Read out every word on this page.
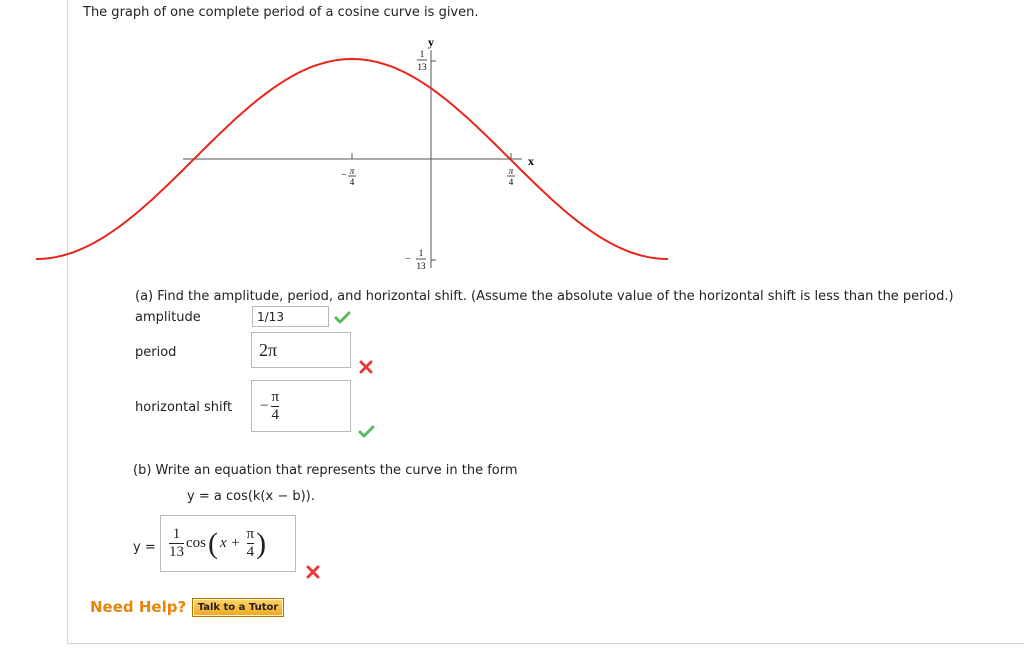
The graph of one complete period of a cosine curve is given.
y
x
1
13
−
1
13
− π
4
π
4
(a) Find the amplitude, period, and horizontal shift. (Assume the absolute value of the horizontal shift is less than the period.)
amplitude	1/13
period	2π
horizontal shift − $\frac{\pi}{4}$
(b) Write an equation that represents the curve in the form
y = a cos(k(x − b)).
$y = \frac{1}{13}$ cos ( $x + \frac{\pi}{4}$ )
Need Help?	Talk to a Tutor
